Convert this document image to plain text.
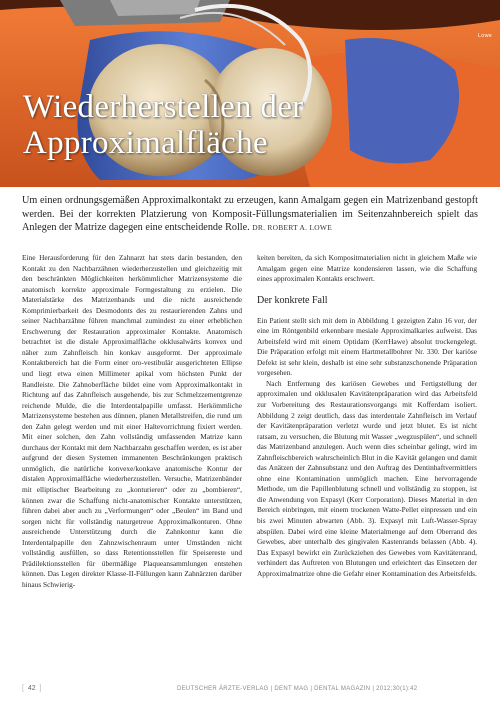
Lowe
Wiederherstellen der
Approximalfläche
Um einen ordnungsgemäßen Approximalkontakt zu erzeugen, kann Amalgam gegen ein Matrizenband gestopft werden. Bei der korrekten Platzierung von Komposit-Füllungsmaterialien im Seitenzahnbereich spielt das Anlegen der Matrize dagegen eine entscheidende Rolle. DR. ROBERT A. LOWE

Eine Herausforderung für den Zahnarzt hat stets darin bestanden, den Kontakt zu den Nachbarzähnen wiederherzustellen und gleichzeitig mit den beschränkten Möglichkeiten herkömmlicher Matrizensysteme die anatomisch korrekte approximale Formgestaltung zu erzielen. Die Materialstärke des Matrizenbands und die nicht ausreichende Komprimierbarkeit des Desmodonts des zu restaurierenden Zahns und seiner Nachbarzähne führen manchmal zumindest zu einer erheblichen Erschwerung der Restauration approximaler Kontakte. Anatomisch betrachtet ist die distale Approximalfläche okklusalwärts konvex und näher zum Zahnfleisch hin konkav ausgeformt. Der approximale Kontaktbereich hat die Form einer oro-vestibulär ausgerichteten Ellipse und liegt etwa einen Millimeter apikal vom höchsten Punkt der Randleiste. Die Zahnoberfläche bildet eine vom Approximalkontakt in Richtung auf das Zahnfleisch ausgehende, bis zur Schmelzzementgrenze reichende Mulde, die die Interdentalpapille umfasst. Herkömmliche Matrizensysteme bestehen aus dünnen, planen Metallstreifen, die rund um den Zahn gelegt werden und mit einer Haltevorrichtung fixiert werden. Mit einer solchen, den Zahn vollständig umfassenden Matrize kann durchaus der Kontakt mit dem Nachbarzahn geschaffen werden, es ist aber aufgrund der diesen Systemen immanenten Beschränkungen praktisch unmöglich, die natürliche konvexe/konkave anatomische Kontur der distalen Approximalfläche wiederherzustellen. Versuche, Matrizenbänder mit elliptischer Bearbeitung zu „konturieren“ oder zu „bombieren“, können zwar die Schaffung nicht-anatomischer Kontakte unterstützen, führen dabei aber auch zu „Verformungen“ oder „Beulen“ im Band und sorgen nicht für vollständig naturgetreue Approximalkonturen. Ohne ausreichende Unterstützung durch die Zahnkontur kann die Interdentalpapille den Zahnzwischenraum unter Umständen nicht vollständig ausfüllen, so dass Retentionsstellen für Speisereste und Prädilektionsstellen für übermäßige Plaqueansammlungen entstehen können. Das Legen direkter Klasse-II-Füllungen kann Zahnärzten darüber hinaus Schwierig-

keiten bereiten, da sich Kompositmaterialien nicht in gleichem Maße wie Amalgam gegen eine Matrize kondensieren lassen, wie die Schaffung eines approximalen Kontakts erschwert.

Der konkrete Fall

Ein Patient stellt sich mit dem in Abbildung 1 gezeigten Zahn 16 vor, der eine im Röntgenbild erkennbare mesiale Approximalkaries aufweist. Das Arbeitsfeld wird mit einem Optidam (KerrHawe) absolut trockengelegt. Die Präparation erfolgt mit einem Hartmetallbohrer Nr. 330. Der kariöse Defekt ist sehr klein, deshalb ist eine sehr substanzschonende Präparation vorgesehen.

Nach Entfernung des kariösen Gewebes und Fertigstellung der approximalen und okklusalen Kavitätenpräparation wird das Arbeitsfeld zur Vorbereitung des Restaurationsvorgangs mit Kofferdam isoliert. Abbildung 2 zeigt deutlich, dass das interdentale Zahnfleisch im Verlauf der Kavitätenpräparation verletzt wurde und jetzt blutet. Es ist nicht ratsam, zu versuchen, die Blutung mit Wasser „wegzuspülen“, und schnell das Matrizenband anzulegen. Auch wenn dies scheinbar gelingt, wird im Zahnfleischbereich wahrscheinlich Blut in die Kavität gelangen und damit das Anätzen der Zahnsubstanz und den Auftrag des Dentinhaftvermittlers ohne eine Kontamination unmöglich machen. Eine hervorragende Methode, um die Papillenblutung schnell und vollständig zu stoppen, ist die Anwendung von Expasyl (Kerr Corporation). Dieses Material in den Bereich einbringen, mit einem trockenen Watte-Pellet einpressen und ein bis zwei Minuten abwarten (Abb. 3). Expasyl mit Luft-Wasser-Spray abspülen. Dabei wird eine kleine Materialmenge auf dem Oberrand des Gewebes, aber unterhalb des gingivalen Kastenrands belassen (Abb. 4). Das Expasyl bewirkt ein Zurückziehen des Gewebes vom Kavitätenrand, verhindert das Auftreten von Blutungen und erleichtert das Einsetzen der Approximalmatrize ohne die Gefahr einer Kontamination des Arbeitsfelds.

[ 42 ]	DEUTSCHER ÄRZTE-VERLAG | DENT MAG | DENTAL MAGAZIN | 2012;30(1):42
